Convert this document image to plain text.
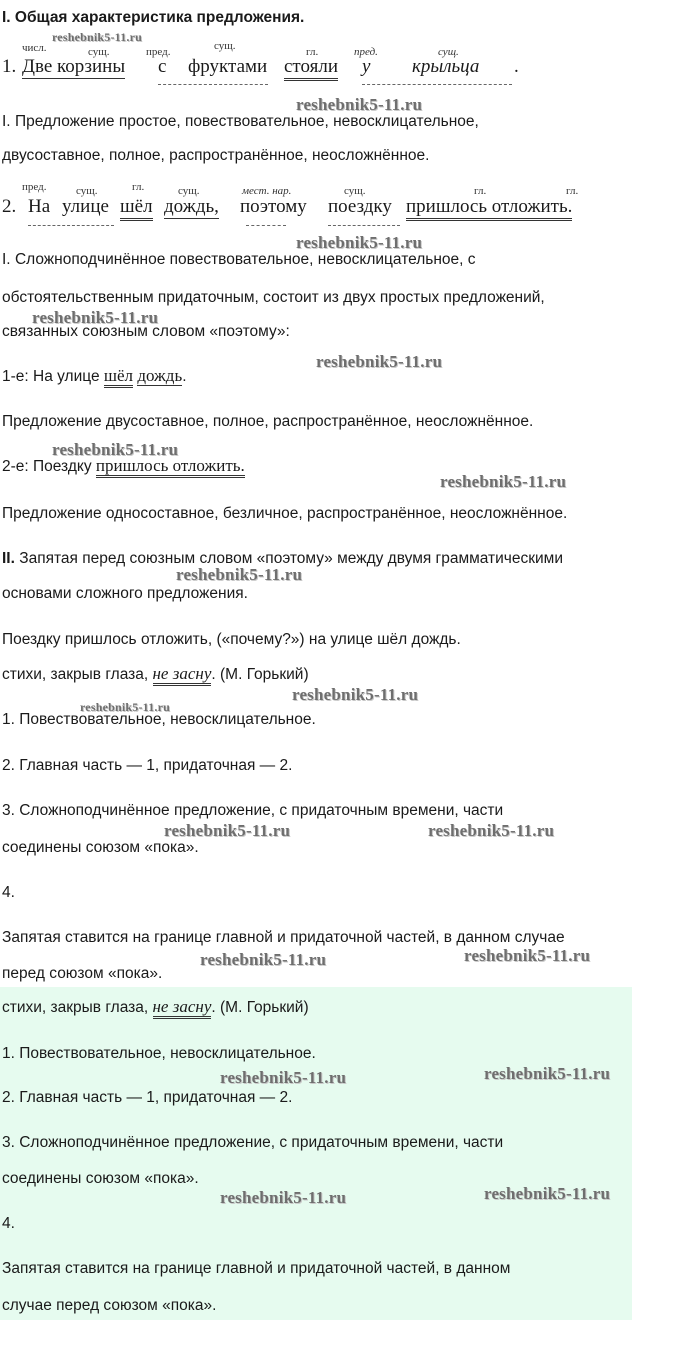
I. Общая характеристика предложения.
числ.	сущ.	пред.	сущ.	гл.	пред.	сущ.
1. Две корзины с фруктами стояли у крыльца .
reshebnik5-11.ru
reshebnik5-11.ru
I. Предложение простое, повествовательное, невосклицательное,
двусоставное, полное, распространённое, неосложнённое.
пред.	сущ.	гл.	сущ.	мест. нар.	сущ.	гл.	гл.
2. На улице шёл дождь, поэтому поездку пришлось отложить.
reshebnik5-11.ru
I. Сложноподчинённое повествовательное, невосклицательное, с
обстоятельственным придаточным, состоит из двух простых предложений,
reshebnik5-11.ru
связанных союзным словом «поэтому»:
reshebnik5-11.ru
1-е: На улице шёл дождь.
Предложение двусоставное, полное, распространённое, неосложнённое.
reshebnik5-11.ru
2-е: Поездку пришлось отложить.
reshebnik5-11.ru
Предложение односоставное, безличное, распространённое, неосложнённое.
II. Запятая перед союзным словом «поэтому» между двумя грамматическими
reshebnik5-11.ru
основами сложного предложения.
Поездку пришлось отложить, («почему?») на улице шёл дождь.
стихи, закрыв глаза, не засну. (М. Горький)
reshebnik5-11.ru
reshebnik5-11.ru
1. Повествовательное, невосклицательное.
2. Главная часть — 1, придаточная — 2.
3. Сложноподчинённое предложение, с придаточным времени, части
reshebnik5-11.ru	reshebnik5-11.ru
соединены союзом «пока».
4.
Запятая ставится на границе главной и придаточной частей, в данном случае
reshebnik5-11.ru
reshebnik5-11.ru
перед союзом «пока».
стихи, закрыв глаза, не засну. (М. Горький)
1. Повествовательное, невосклицательное.
reshebnik5-11.ru
reshebnik5-11.ru
2. Главная часть — 1, придаточная — 2.
3. Сложноподчинённое предложение, с придаточным времени, части
соединены союзом «пока».
reshebnik5-11.ru
reshebnik5-11.ru
4.
Запятая ставится на границе главной и придаточной частей, в данном
случае перед союзом «пока».
